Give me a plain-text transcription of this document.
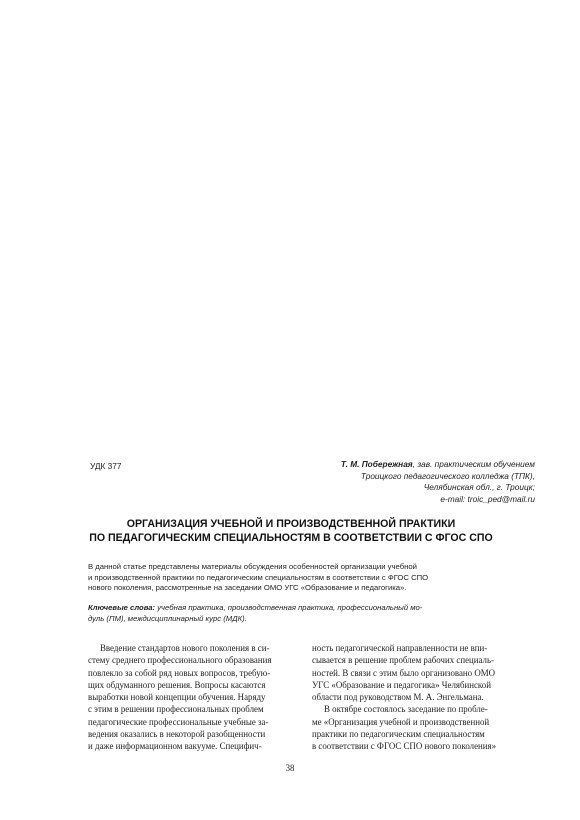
УДК 377	Т. М. Побережная, зав. практическим обучением
Троицкого педагогического колледжа (ТПК),
Челябинская обл., г. Троицк;
e-mail: troic_ped@mail.ru
ОРГАНИЗАЦИЯ УЧЕБНОЙ И ПРОИЗВОДСТВЕННОЙ ПРАКТИКИ
ПО ПЕДАГОГИЧЕСКИМ СПЕЦИАЛЬНОСТЯМ В СООТВЕТСТВИИ С ФГОС СПО
В данной статье представлены материалы обсуждения особенностей организации учебной
и производственной практики по педагогическим специальностям в соответствии с ФГОС СПО
нового поколения, рассмотренные на заседании ОМО УГС «Образование и педагогика».
Ключевые слова: учебная практика, производственная практика, профессиональный мо-
дуль (ПМ), междисциплинарный курс (МДК).
Введение стандартов нового поколения в си-
стему среднего профессионального образования
повлекло за собой ряд новых вопросов, требую-
щих обдуманного решения. Вопросы касаются
выработки новой концепции обучения. Наряду
с этим в решении профессиональных проблем
педагогические профессиональные учебные за-
ведения оказались в некоторой разобщенности
и даже информационном вакууме. Специфич-
ность педагогической направленности не впи-
сывается в решение проблем рабочих специаль-
ностей. В связи с этим было организовано ОМО
УГС «Образование и педагогика» Челябинской
области под руководством М. А. Энгельмана.
В октябре состоялось заседание по пробле-
ме «Организация учебной и производственной
практики по педагогическим специальностям
в соответствии с ФГОС СПО нового поколения»
38
